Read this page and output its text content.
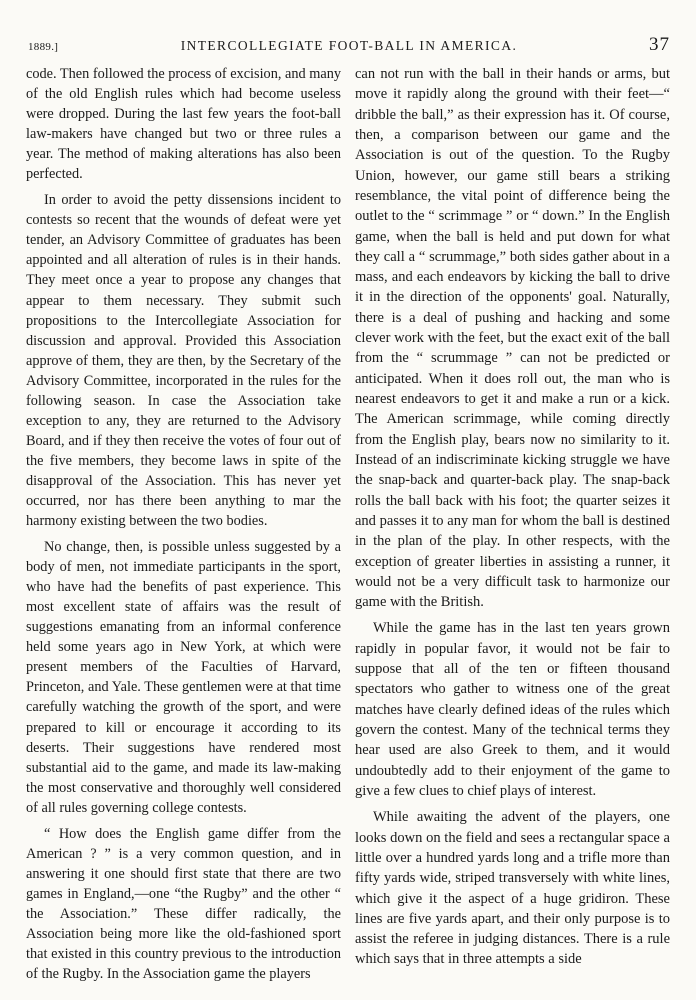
1889.]	INTERCOLLEGIATE FOOT-BALL IN AMERICA.	37

code. Then followed the process of excision, and many of the old English rules which had become useless were dropped. During the last few years the foot-ball law-makers have changed but two or three rules a year. The method of making alterations has also been perfected.

In order to avoid the petty dissensions incident to contests so recent that the wounds of defeat were yet tender, an Advisory Committee of graduates has been appointed and all alteration of rules is in their hands. They meet once a year to propose any changes that appear to them necessary. They submit such propositions to the Intercollegiate Association for discussion and approval. Provided this Association approve of them, they are then, by the Secretary of the Advisory Committee, incorporated in the rules for the following season. In case the Association take exception to any, they are returned to the Advisory Board, and if they then receive the votes of four out of the five members, they become laws in spite of the disapproval of the Association. This has never yet occurred, nor has there been anything to mar the harmony existing between the two bodies.

No change, then, is possible unless suggested by a body of men, not immediate participants in the sport, who have had the benefits of past experience. This most excellent state of affairs was the result of suggestions emanating from an informal conference held some years ago in New York, at which were present members of the Faculties of Harvard, Princeton, and Yale. These gentlemen were at that time carefully watching the growth of the sport, and were prepared to kill or encourage it according to its deserts. Their suggestions have rendered most substantial aid to the game, and made its law-making the most conservative and thoroughly well considered of all rules governing college contests.

“ How does the English game differ from the American ? ” is a very common question, and in answering it one should first state that there are two games in England,—one “the Rugby” and the other “ the Association.” These differ radically, the Association being more like the old-fashioned sport that existed in this country previous to the introduction of the Rugby. In the Association game the players

can not run with the ball in their hands or arms, but move it rapidly along the ground with their feet—“ dribble the ball,” as their expression has it. Of course, then, a comparison between our game and the Association is out of the question. To the Rugby Union, however, our game still bears a striking resemblance, the vital point of difference being the outlet to the “ scrimmage ” or “ down.” In the English game, when the ball is held and put down for what they call a “ scrummage,” both sides gather about in a mass, and each endeavors by kicking the ball to drive it in the direction of the opponents' goal. Naturally, there is a deal of pushing and hacking and some clever work with the feet, but the exact exit of the ball from the “ scrummage ” can not be predicted or anticipated. When it does roll out, the man who is nearest endeavors to get it and make a run or a kick. The American scrimmage, while coming directly from the English play, bears now no similarity to it. Instead of an indiscriminate kicking struggle we have the snap-back and quarter-back play. The snap-back rolls the ball back with his foot; the quarter seizes it and passes it to any man for whom the ball is destined in the plan of the play. In other respects, with the exception of greater liberties in assisting a runner, it would not be a very difficult task to harmonize our game with the British.

While the game has in the last ten years grown rapidly in popular favor, it would not be fair to suppose that all of the ten or fifteen thousand spectators who gather to witness one of the great matches have clearly defined ideas of the rules which govern the contest. Many of the technical terms they hear used are also Greek to them, and it would undoubtedly add to their enjoyment of the game to give a few clues to chief plays of interest.

While awaiting the advent of the players, one looks down on the field and sees a rectangular space a little over a hundred yards long and a trifle more than fifty yards wide, striped transversely with white lines, which give it the aspect of a huge gridiron. These lines are five yards apart, and their only purpose is to assist the referee in judging distances. There is a rule which says that in three attempts a side
